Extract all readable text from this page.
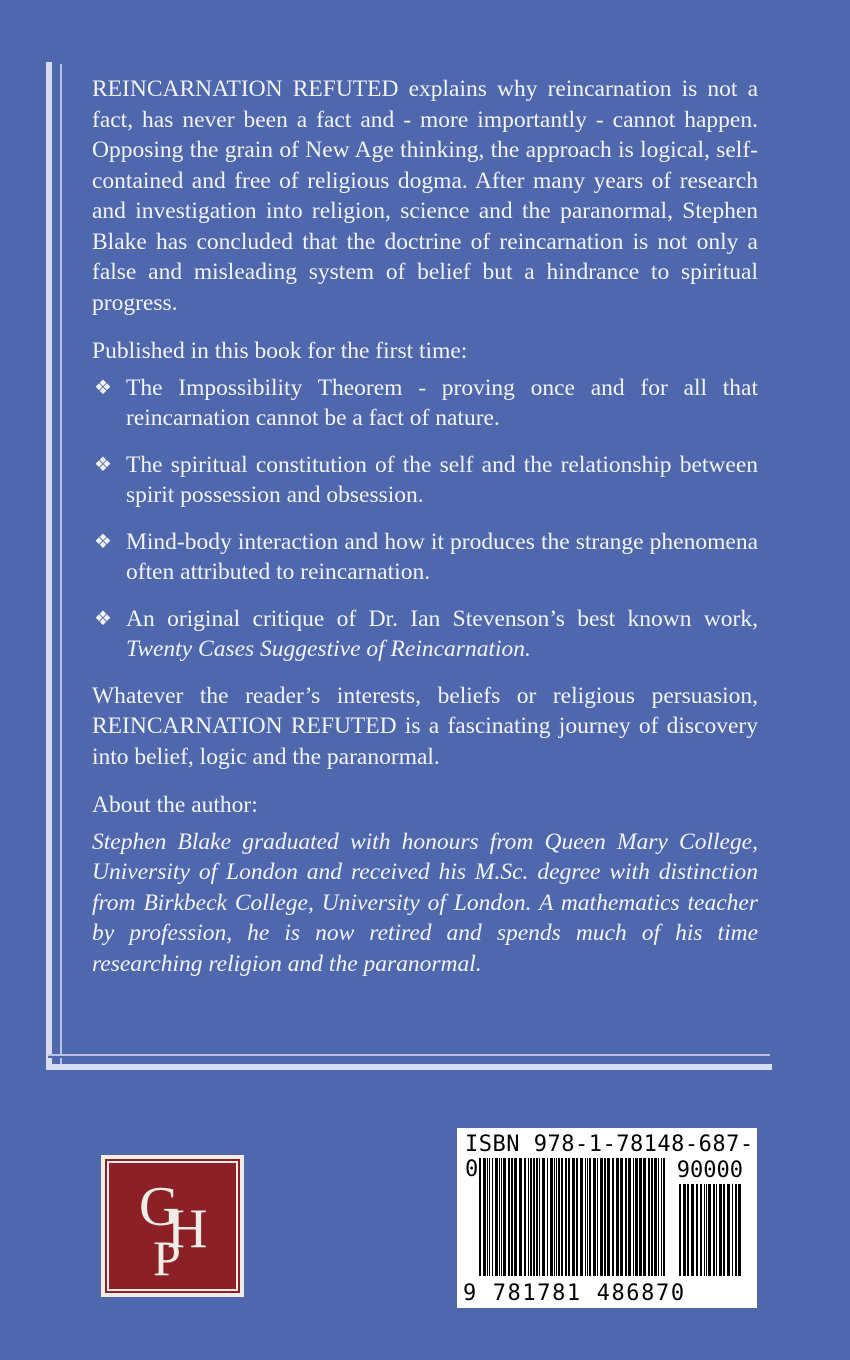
REINCARNATION REFUTED explains why reincarnation is not a fact, has never been a fact and - more importantly - cannot happen. Opposing the grain of New Age thinking, the approach is logical, self-contained and free of religious dogma. After many years of research and investigation into religion, science and the paranormal, Stephen Blake has concluded that the doctrine of reincarnation is not only a false and misleading system of belief but a hindrance to spiritual progress.

Published in this book for the first time:

❖ The Impossibility Theorem - proving once and for all that reincarnation cannot be a fact of nature.
❖ The spiritual constitution of the self and the relationship between spirit possession and obsession.
❖ Mind-body interaction and how it produces the strange phenomena often attributed to reincarnation.
❖ An original critique of Dr. Ian Stevenson’s best known work, Twenty Cases Suggestive of Reincarnation.

Whatever the reader’s interests, beliefs or religious persuasion, REINCARNATION REFUTED is a fascinating journey of discovery into belief, logic and the paranormal.

About the author:

Stephen Blake graduated with honours from Queen Mary College, University of London and received his M.Sc. degree with distinction from Birkbeck College, University of London. A mathematics teacher by profession, he is now retired and spends much of his time researching religion and the paranormal.

G
H
P
ISBN 978-1-78148-687-0	90000
9 781781 486870
